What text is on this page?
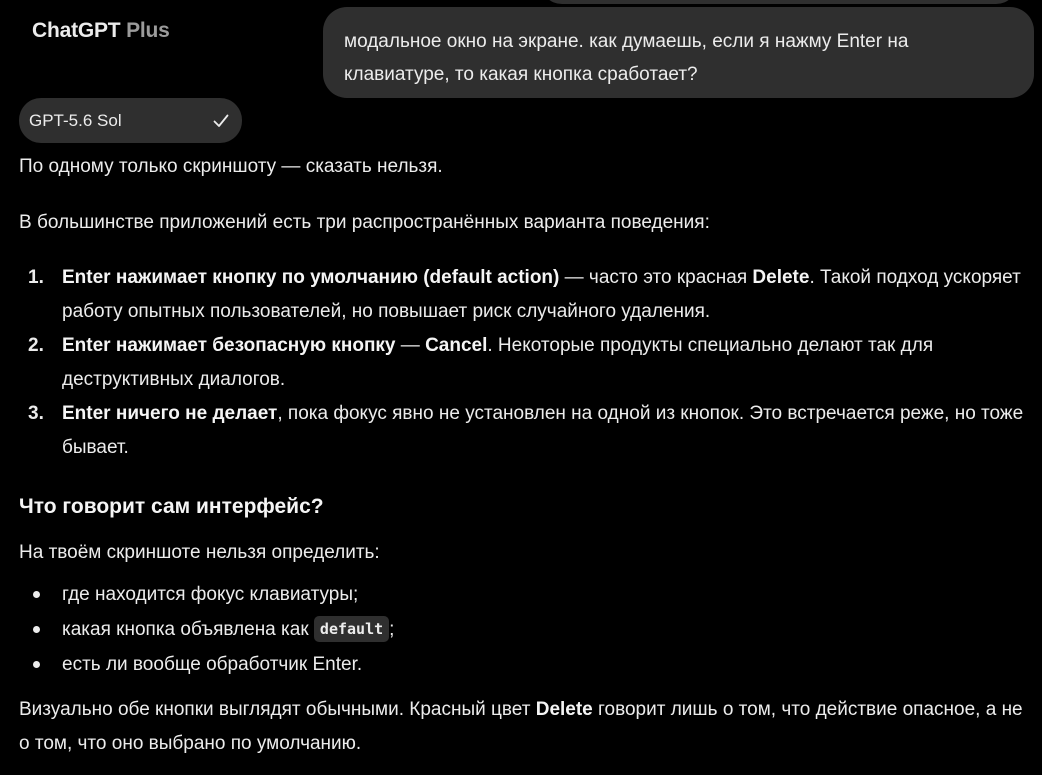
ChatGPT Plus	модальное окно на экране. как думаешь, если я нажму Enter на клавиатуре, то какая кнопка сработает?
GPT-5.6 Sol

По одному только скриншоту — сказать нельзя.

В большинстве приложений есть три распространённых варианта поведения:

1. Enter нажимает кнопку по умолчанию (default action) — часто это красная Delete. Такой подход ускоряет работу опытных пользователей, но повышает риск случайного удаления.
2. Enter нажимает безопасную кнопку — Cancel. Некоторые продукты специально делают так для деструктивных диалогов.
3. Enter ничего не делает, пока фокус явно не установлен на одной из кнопок. Это встречается реже, но тоже бывает.
Что говорит сам интерфейс?

На твоём скриншоте нельзя определить:

где находится фокус клавиатуры;
какая кнопка объявлена как default ;
есть ли вообще обработчик Enter.

Визуально обе кнопки выглядят обычными. Красный цвет Delete говорит лишь о том, что действие опасное, а не о том, что оно выбрано по умолчанию.
